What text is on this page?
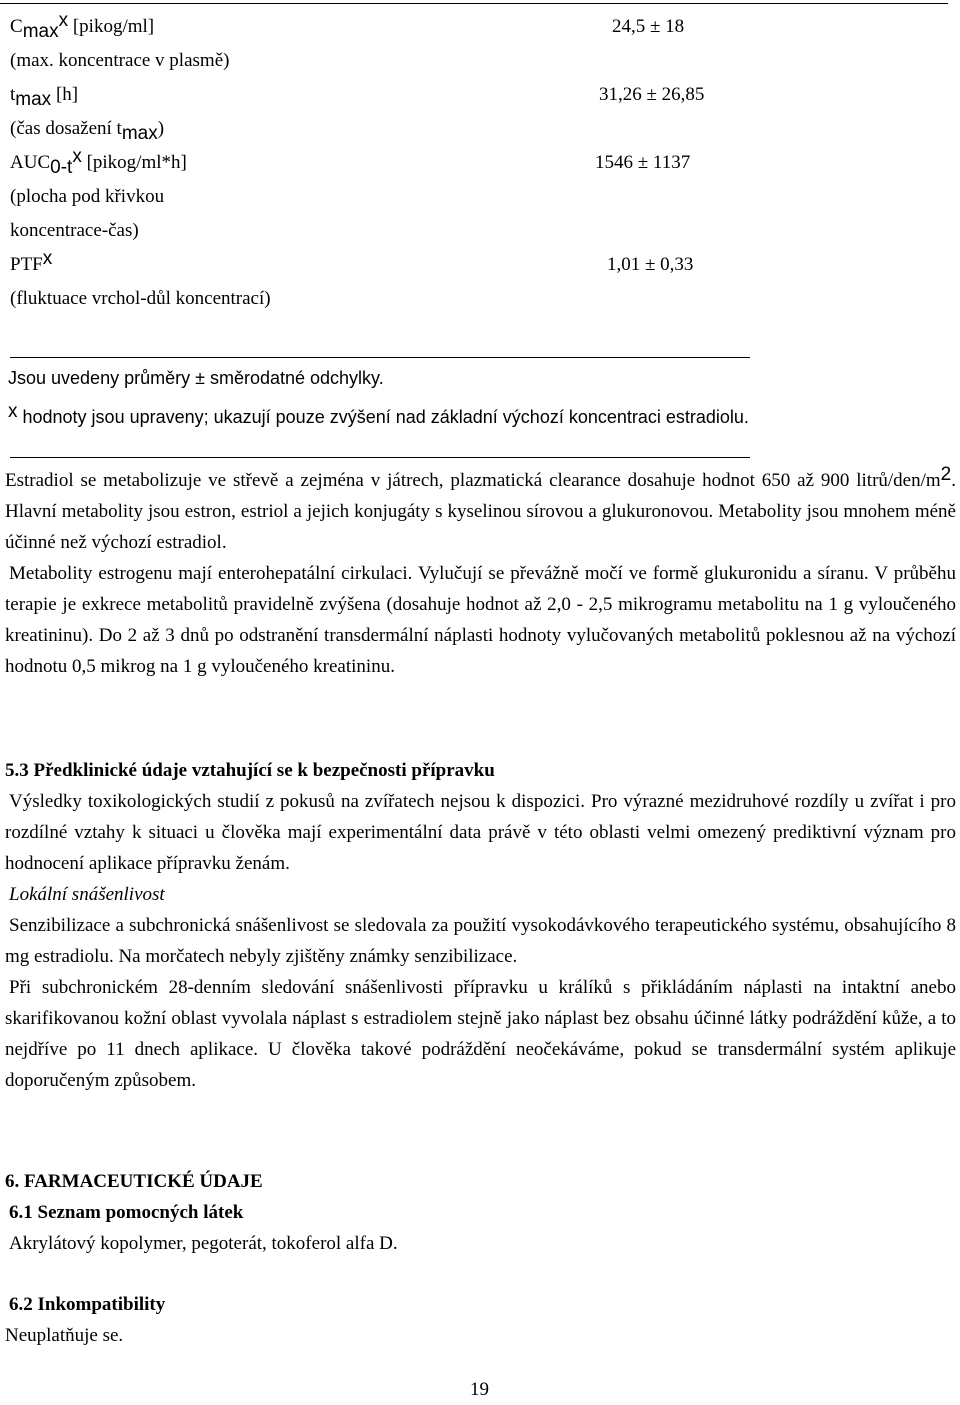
Cmaxx [pikog/ml]
(max. koncentrace v plasmě)
24,5 ± 18
tmax [h]
(čas dosažení tmax)
31,26 ± 26,85
AUC0-tx [pikog/ml*h]
(plocha pod křivkou
koncentrace-čas)
1546 ± 1137
PTFx
(fluktuace vrchol-důl koncentrací)
1,01 ± 0,33
Jsou uvedeny průměry ± směrodatné odchylky.
x hodnoty jsou upraveny; ukazují pouze zvýšení nad základní výchozí koncentraci estradiolu.

Estradiol se metabolizuje ve střevě a zejména v játrech, plazmatická clearance dosahuje hodnot 650 až 900 litrů/den/m2. Hlavní metabolity jsou estron, estriol a jejich konjugáty s kyselinou sírovou a glukuronovou. Metabolity jsou mnohem méně účinné než výchozí estradiol.

Metabolity estrogenu mají enterohepatální cirkulaci. Vylučují se převážně močí ve formě glukuronidu a síranu. V průběhu terapie je exkrece metabolitů pravidelně zvýšena (dosahuje hodnot až 2,0 - 2,5 mikrogramu metabolitu na 1 g vyloučeného kreatininu). Do 2 až 3 dnů po odstranění transdermální náplasti hodnoty vylučovaných metabolitů poklesnou až na výchozí hodnotu 0,5 mikrog na 1 g vyloučeného kreatininu.

5.3 Předklinické údaje vztahující se k bezpečnosti přípravku

Výsledky toxikologických studií z pokusů na zvířatech nejsou k dispozici. Pro výrazné mezidruhové rozdíly u zvířat i pro rozdílné vztahy k situaci u člověka mají experimentální data právě v této oblasti velmi omezený prediktivní význam pro hodnocení aplikace přípravku ženám.

Lokální snášenlivost

Senzibilizace a subchronická snášenlivost se sledovala za použití vysokodávkového terapeutického systému, obsahujícího 8 mg estradiolu. Na morčatech nebyly zjištěny známky senzibilizace.

Při subchronickém 28-denním sledování snášenlivosti přípravku u králíků s přikládáním náplasti na intaktní anebo skarifikovanou kožní oblast vyvolala náplast s estradiolem stejně jako náplast bez obsahu účinné látky podráždění kůže, a to nejdříve po 11 dnech aplikace. U člověka takové podráždění neočekáváme, pokud se transdermální systém aplikuje doporučeným způsobem.

6. FARMACEUTICKÉ ÚDAJE

6.1 Seznam pomocných látek

Akrylátový kopolymer, pegoterát, tokoferol alfa D.

6.2 Inkompatibility

Neuplatňuje se.

19
